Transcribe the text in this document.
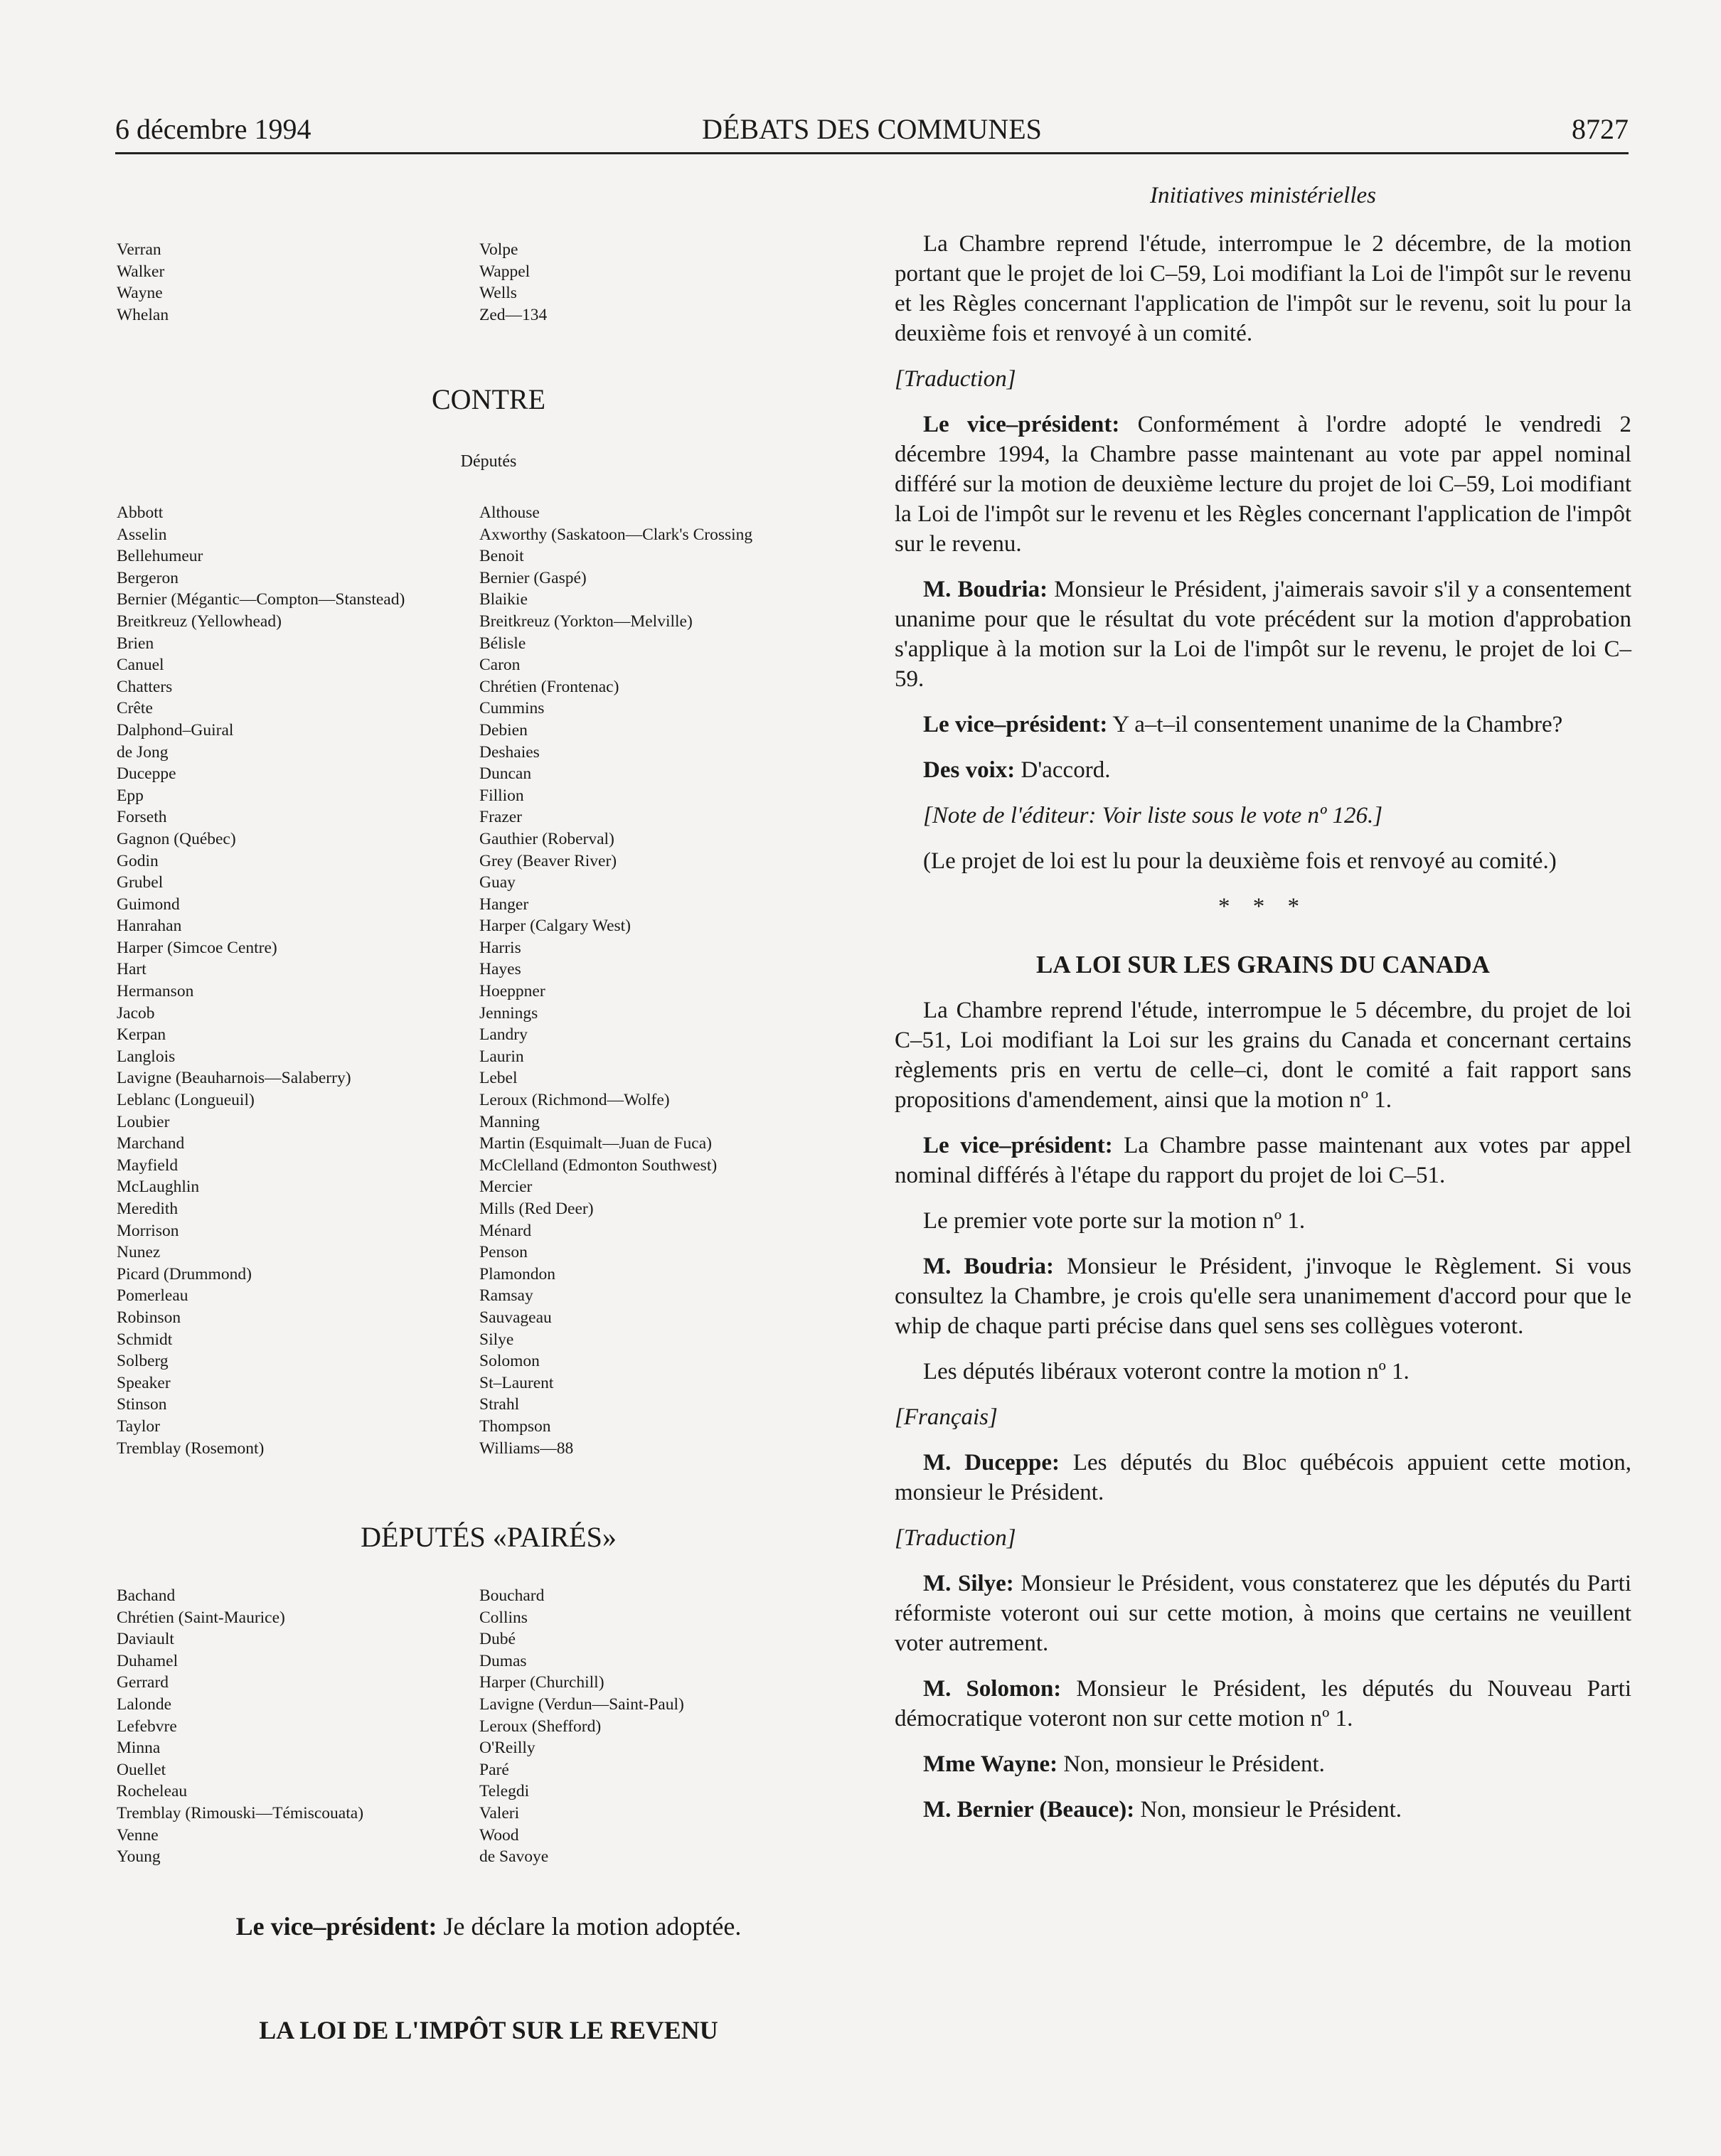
6 décembre 1994	DÉBATS DES COMMUNES	8727
Verran
Walker
Wayne
Whelan
Volpe
Wappel
Wells
Zed—134
CONTRE
Députés
Abbott
Asselin
Bellehumeur
Bergeron
Bernier (Mégantic—Compton—Stanstead)
Breitkreuz (Yellowhead)
Brien
Canuel
Chatters
Crête
Dalphond–Guiral
de Jong
Duceppe
Epp
Forseth
Gagnon (Québec)
Godin
Grubel
Guimond
Hanrahan
Harper (Simcoe Centre)
Hart
Hermanson
Jacob
Kerpan
Langlois
Lavigne (Beauharnois—Salaberry)
Leblanc (Longueuil)
Loubier
Marchand
Mayfield
McLaughlin
Meredith
Morrison
Nunez
Picard (Drummond)
Pomerleau
Robinson
Schmidt
Solberg
Speaker
Stinson
Taylor
Tremblay (Rosemont)
Althouse
Axworthy (Saskatoon—Clark's Crossing
Benoit
Bernier (Gaspé)
Blaikie
Breitkreuz (Yorkton—Melville)
Bélisle
Caron
Chrétien (Frontenac)
Cummins
Debien
Deshaies
Duncan
Fillion
Frazer
Gauthier (Roberval)
Grey (Beaver River)
Guay
Hanger
Harper (Calgary West)
Harris
Hayes
Hoeppner
Jennings
Landry
Laurin
Lebel
Leroux (Richmond—Wolfe)
Manning
Martin (Esquimalt—Juan de Fuca)
McClelland (Edmonton Southwest)
Mercier
Mills (Red Deer)
Ménard
Penson
Plamondon
Ramsay
Sauvageau
Silye
Solomon
St–Laurent
Strahl
Thompson
Williams—88
DÉPUTÉS «PAIRÉS»
Bachand
Chrétien (Saint-Maurice)
Daviault
Duhamel
Gerrard
Lalonde
Lefebvre
Minna
Ouellet
Rocheleau
Tremblay (Rimouski—Témiscouata)
Venne
Young
Bouchard
Collins
Dubé
Dumas
Harper (Churchill)
Lavigne (Verdun—Saint-Paul)
Leroux (Shefford)
O'Reilly
Paré
Telegdi
Valeri
Wood
de Savoye
Le vice–président: Je déclare la motion adoptée.
LA LOI DE L'IMPÔT SUR LE REVENU

Initiatives ministérielles

La Chambre reprend l'étude, interrompue le 2 décembre, de la motion portant que le projet de loi C–59, Loi modifiant la Loi de l'impôt sur le revenu et les Règles concernant l'application de l'impôt sur le revenu, soit lu pour la deuxième fois et renvoyé à un comité.

[Traduction]

Le vice–président: Conformément à l'ordre adopté le vendredi 2 décembre 1994, la Chambre passe maintenant au vote par appel nominal différé sur la motion de deuxième lecture du projet de loi C–59, Loi modifiant la Loi de l'impôt sur le revenu et les Règles concernant l'application de l'impôt sur le revenu.

M. Boudria: Monsieur le Président, j'aimerais savoir s'il y a consentement unanime pour que le résultat du vote précédent sur la motion d'approbation s'applique à la motion sur la Loi de l'impôt sur le revenu, le projet de loi C–59.

Le vice–président: Y a–t–il consentement unanime de la Chambre?

Des voix: D'accord.

[Note de l'éditeur: Voir liste sous le vote nº 126.]

(Le projet de loi est lu pour la deuxième fois et renvoyé au comité.)

* * *

LA LOI SUR LES GRAINS DU CANADA

La Chambre reprend l'étude, interrompue le 5 décembre, du projet de loi C–51, Loi modifiant la Loi sur les grains du Canada et concernant certains règlements pris en vertu de celle–ci, dont le comité a fait rapport sans propositions d'amendement, ainsi que la motion nº 1.

Le vice–président: La Chambre passe maintenant aux votes par appel nominal différés à l'étape du rapport du projet de loi C–51.

Le premier vote porte sur la motion nº 1.

M. Boudria: Monsieur le Président, j'invoque le Règlement. Si vous consultez la Chambre, je crois qu'elle sera unanimement d'accord pour que le whip de chaque parti précise dans quel sens ses collègues voteront.

Les députés libéraux voteront contre la motion nº 1.

[Français]

M. Duceppe: Les députés du Bloc québécois appuient cette motion, monsieur le Président.

[Traduction]

M. Silye: Monsieur le Président, vous constaterez que les députés du Parti réformiste voteront oui sur cette motion, à moins que certains ne veuillent voter autrement.

M. Solomon: Monsieur le Président, les députés du Nouveau Parti démocratique voteront non sur cette motion nº 1.

Mme Wayne: Non, monsieur le Président.

M. Bernier (Beauce): Non, monsieur le Président.
